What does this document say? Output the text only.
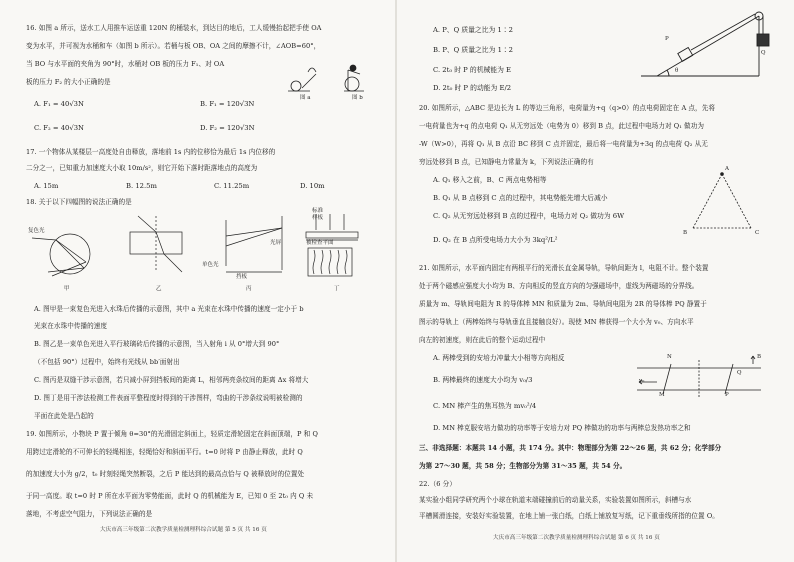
16. 如图 a 所示，送水工人用推车运送重 120N 的桶装水，到达目的地后，工人缓慢抬起把手使 OA
变为水平，并可视为水桶和车（如图 b 所示）。若桶与板 OB、OA 之间的摩擦不计，∠AOB=60°，
当 BO 与水平面的夹角为 90°时，水桶对 OB 板的压力 F₁、对 OA
板的压力 F₂ 的大小正确的是
图 a	图 b
A. F₁ = 40√3N	B. F₁ = 120√3N
C. F₂ = 40√3N	D. F₂ = 120√3N
17. 一个物体从某楼层一高度处自由释放，落地前 1s 内的位移恰为最后 1s 内位移的
二分之一，已知重力加速度大小取 10m/s²，则它开始下落时距落地点的高度为
A. 15m	B. 12.5m	C. 11.25m	D. 10m
18. 关于以下四幅图的说法正确的是
复色光
单色光
挡板
光屏
标准
样板
被检查平面
甲	乙	丙	丁
A. 图甲是一束复色光进入水珠后传播的示意图，其中 a 光束在水珠中传播的速度一定小于 b
光束在水珠中传播的速度
B. 图乙是一束单色光进入平行玻璃砖后传播的示意图，当入射角 i 从 0°增大到 90°
（不包括 90°）过程中，始终有光线从 bb′面射出
C. 图丙是双缝干涉示意图，若只减小屏到挡板间的距离 L，相邻两亮条纹间的距离 Δx 将增大
D. 图丁是用干涉法检测工件表面平整程度时得到的干涉图样，弯曲的干涉条纹说明被检测的
平面在此处是凸起的
19. 如图所示，小物块 P 置于倾角 θ=30°的光滑固定斜面上，轻质定滑轮固定在斜面顶端，P 和 Q
用跨过定滑轮的不可伸长的轻绳相连，轻绳恰好和斜面平行。t=0 时将 P 由静止释放，此时 Q
的加速度大小为 g/2，t₀ 时刻轻绳突然断裂，之后 P 能达到的最高点恰与 Q 被释放时的位置处
于同一高度。取 t=0 时 P 所在水平面为零势能面，此时 Q 的机械能为 E，已知 0 至 2t₀ 内 Q 未
落地，不考虑空气阻力，下列说法正确的是
大庆市高三年级第二次教学质量检测理科综合试题 第 5 页 共 16 页
A. P、Q 质量之比为 1∶2
B. P、Q 质量之比为 1∶2
C. 2t₀ 时 P 的机械能为 E
D. 2t₀ 时 P 的动能为 E/2
P
Q
θ
20. 如图所示，△ABC 是边长为 L 的等边三角形，电荷量为+q（q>0）的点电荷固定在 A 点，先将
一电荷量也为+q 的点电荷 Q₁ 从无穷远处（电势为 0）移到 B 点，此过程中电场力对 Q₁ 做功为
-W（W>0），再将 Q₁ 从 B 点沿 BC 移到 C 点并固定，最后将一电荷量为+3q 的点电荷 Q₂ 从无
穷远处移到 B 点，已知静电力常量为 k，下列说法正确的有
A. Q₁ 移入之前，B、C 两点电势相等
B. Q₁ 从 B 点移到 C 点的过程中，其电势能先增大后减小
C. Q₂ 从无穷远处移到 B 点的过程中，电场力对 Q₂ 做功为 6W
D. Q₂ 在 B 点所受电场力大小为 3kq²/L²
A
B	C
21. 如图所示，水平面内固定有两根平行的光滑长直金属导轨，导轨间距为 l，电阻不计。整个装置
处于两个磁感应强度大小均为 B、方向相反的竖直方向的匀强磁场中，虚线为两磁场的分界线。
质量为 m、导轨间电阻为 R 的导体棒 MN 和质量为 2m、导轨间电阻为 2R 的导体棒 PQ 静置于
图示的导轨上（两棒始终与导轨垂直且接触良好）。现使 MN 棒获得一个大小为 v₀、方向水平
向左的初速度，则在此后的整个运动过程中
A. 两棒受到的安培力冲量大小相等方向相反
B. 两棒最终的速度大小均为 v₀/3
C. MN 棒产生的焦耳热为 mv₀²/4
D. MN 棒克服安培力做功的功率等于安培力对 PQ 棒做功的功率与两棒总发热功率之和
N
M
v₀
P
Q
B
三、非选择题：本题共 14 小题，共 174 分。其中：物理部分为第 22～26 题，共 62 分；化学部分
为第 27～30 题，共 58 分；生物部分为第 31～35 题，共 54 分。
22.（6 分）
某实验小组同学研究两个小球在轨道末端碰撞前后的动量关系，实验装置如图所示，斜槽与水
平槽圆滑连接，安装好实验装置，在地上铺一张白纸，白纸上铺放复写纸，记下重垂线所指的位置 O。
大庆市高三年级第二次教学质量检测理科综合试题 第 6 页 共 16 页
